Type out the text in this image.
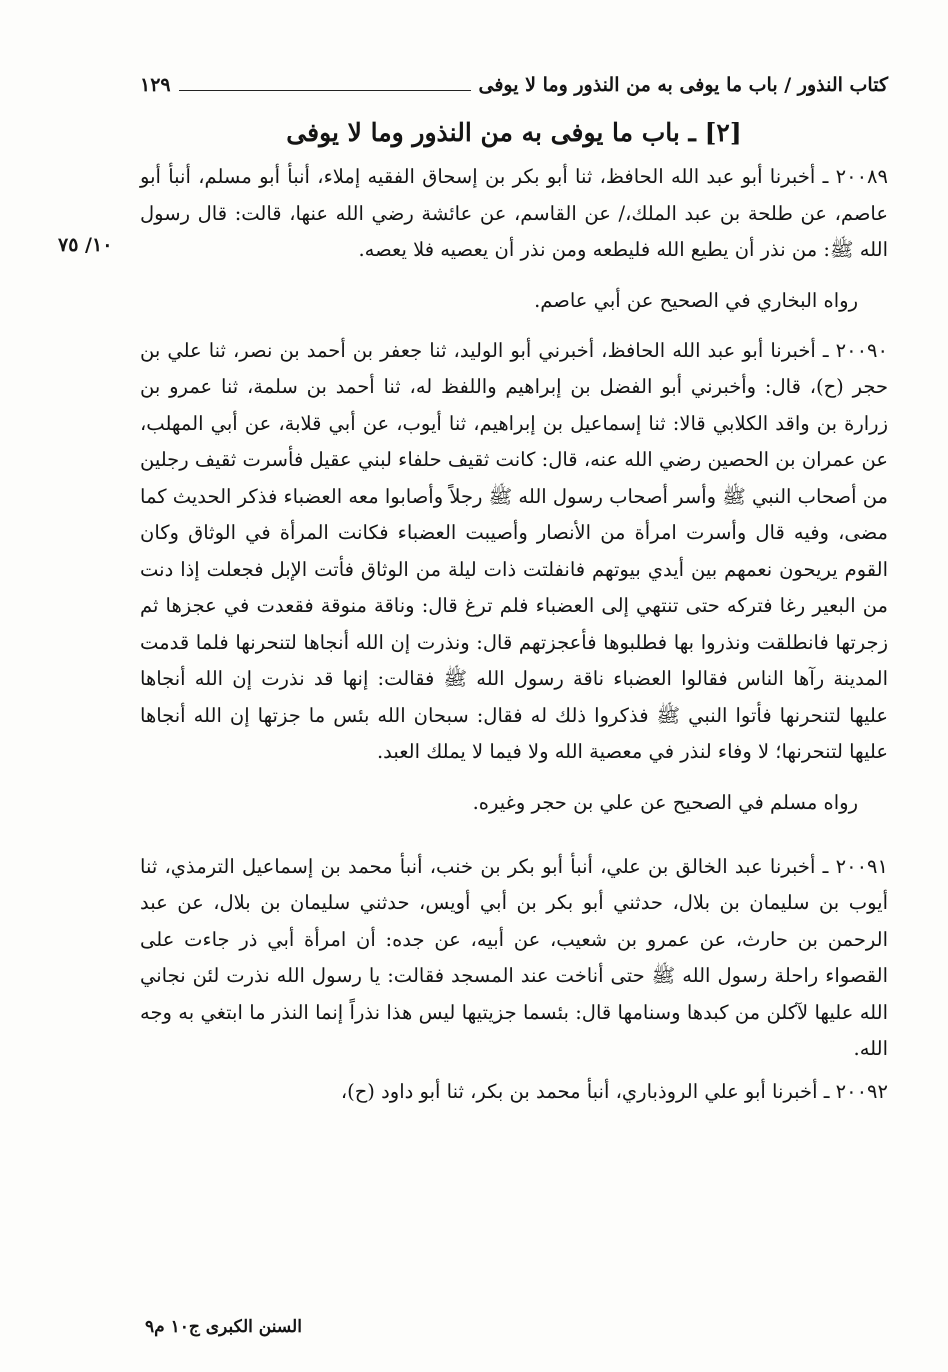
كتاب النذور / باب ما يوفى به من النذور وما لا يوفى
١٢٩
[٢] ـ باب ما يوفى به من النذور وما لا يوفى

٢٠٠٨٩ ـ أخبرنا أبو عبد الله الحافظ، ثنا أبو بكر بن إسحاق الفقيه إملاء، أنبأ أبو مسلم، أنبأ أبو عاصم، عن طلحة بن عبد الملك،/ عن القاسم، عن عائشة رضي الله عنها، قالت: قال رسول الله ﷺ: من نذر أن يطيع الله فليطعه ومن نذر أن يعصيه فلا يعصه.

رواه البخاري في الصحيح عن أبي عاصم.

٢٠٠٩٠ ـ أخبرنا أبو عبد الله الحافظ، أخبرني أبو الوليد، ثنا جعفر بن أحمد بن نصر، ثنا علي بن حجر (ح)، قال: وأخبرني أبو الفضل بن إبراهيم واللفظ له، ثنا أحمد بن سلمة، ثنا عمرو بن زرارة بن واقد الكلابي قالا: ثنا إسماعيل بن إبراهيم، ثنا أيوب، عن أبي قلابة، عن أبي المهلب، عن عمران بن الحصين رضي الله عنه، قال: كانت ثقيف حلفاء لبني عقيل فأسرت ثقيف رجلين من أصحاب النبي ﷺ وأسر أصحاب رسول الله ﷺ رجلاً وأصابوا معه العضباء فذكر الحديث كما مضى، وفيه قال وأسرت امرأة من الأنصار وأصيبت العضباء فكانت المرأة في الوثاق وكان القوم يريحون نعمهم بين أيدي بيوتهم فانفلتت ذات ليلة من الوثاق فأتت الإبل فجعلت إذا دنت من البعير رغا فتركه حتى تنتهي إلى العضباء فلم ترغ قال: وناقة منوقة فقعدت في عجزها ثم زجرتها فانطلقت ونذروا بها فطلبوها فأعجزتهم قال: ونذرت إن الله أنجاها لتنحرنها فلما قدمت المدينة رآها الناس فقالوا العضباء ناقة رسول الله ﷺ فقالت: إنها قد نذرت إن الله أنجاها عليها لتنحرنها فأتوا النبي ﷺ فذكروا ذلك له فقال: سبحان الله بئس ما جزتها إن الله أنجاها عليها لتنحرنها؛ لا وفاء لنذر في معصية الله ولا فيما لا يملك العبد.

رواه مسلم في الصحيح عن علي بن حجر وغيره.

٢٠٠٩١ ـ أخبرنا عبد الخالق بن علي، أنبأ أبو بكر بن خنب، أنبأ محمد بن إسماعيل الترمذي، ثنا أيوب بن سليمان بن بلال، حدثني أبو بكر بن أبي أويس، حدثني سليمان بن بلال، عن عبد الرحمن بن حارث، عن عمرو بن شعيب، عن أبيه، عن جده: أن امرأة أبي ذر جاءت على القصواء راحلة رسول الله ﷺ حتى أناخت عند المسجد فقالت: يا رسول الله نذرت لئن نجاني الله عليها لآكلن من كبدها وسنامها قال: بئسما جزيتيها ليس هذا نذراً إنما النذر ما ابتغي به وجه الله.

٢٠٠٩٢ ـ أخبرنا أبو علي الروذباري، أنبأ محمد بن بكر، ثنا أبو داود (ح)،

١٠/ ٧٥
السنن الكبرى ج١٠ م٩
